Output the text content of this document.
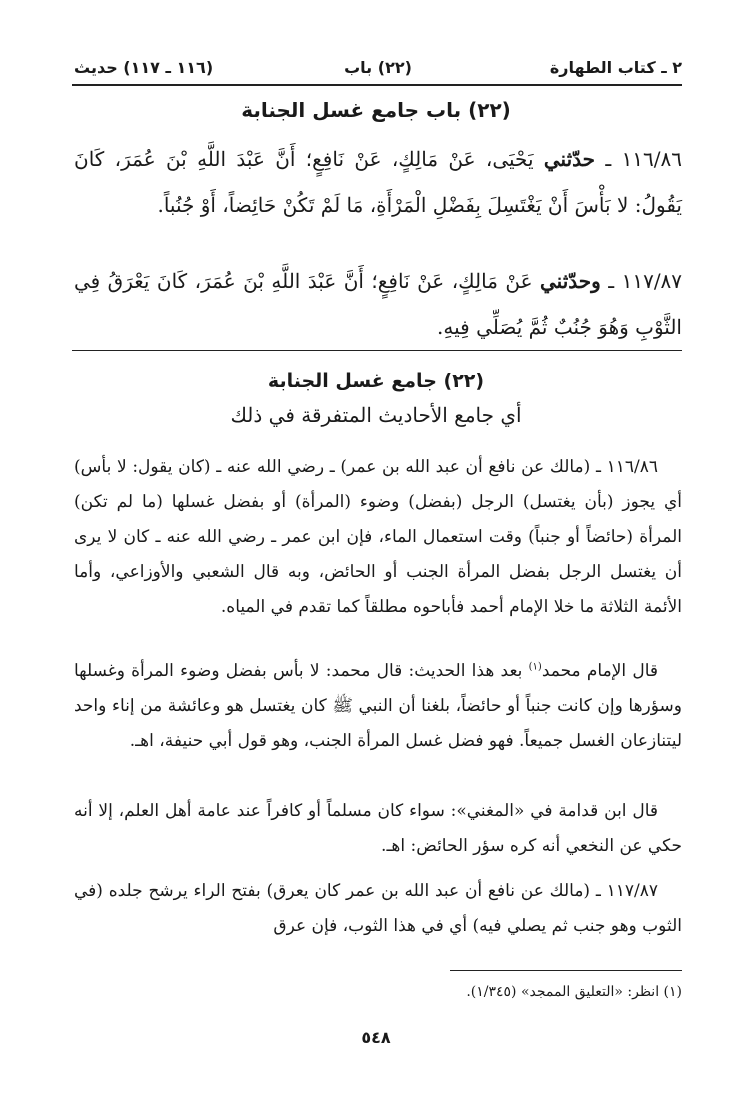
٢ ـ كتاب الطهارة
(٢٢) باب
(١١٦ ـ ١١٧) حديث
(٢٢) باب جامع غسل الجنابة
١١٦/٨٦ ـ حدّثني يَحْيَى، عَنْ مَالِكٍ، عَنْ نَافِعٍ؛ أَنَّ عَبْدَ اللَّهِ بْنَ عُمَرَ، كَانَ يَقُولُ: لا بَأْسَ أَنْ يَغْتَسِلَ بِفَضْلِ الْمَرْأَةِ، مَا لَمْ تَكُنْ حَائِضاً، أَوْ جُنُباً.
١١٧/٨٧ ـ وحدّثني عَنْ مَالِكٍ، عَنْ نَافِعٍ؛ أَنَّ عَبْدَ اللَّهِ بْنَ عُمَرَ، كَانَ يَعْرَقُ فِي الثَّوْبِ وَهُوَ جُنُبٌ ثُمَّ يُصَلِّي فِيهِ.
(٢٢) جامع غسل الجنابة
أي جامع الأحاديث المتفرقة في ذلك
١١٦/٨٦ ـ (مالك عن نافع أن عبد الله بن عمر) ـ رضي الله عنه ـ (كان يقول: لا بأس) أي يجوز (بأن يغتسل) الرجل (بفضل) وضوء (المرأة) أو بفضل غسلها (ما لم تكن) المرأة (حائضاً أو جنباً) وقت استعمال الماء، فإن ابن عمر ـ رضي الله عنه ـ كان لا يرى أن يغتسل الرجل بفضل المرأة الجنب أو الحائض، وبه قال الشعبي والأوزاعي، وأما الأئمة الثلاثة ما خلا الإمام أحمد فأباحوه مطلقاً كما تقدم في المياه.
قال الإمام محمد$^{(١)}$ بعد هذا الحديث: قال محمد: لا بأس بفضل وضوء المرأة وغسلها وسؤرها وإن كانت جنباً أو حائضاً، بلغنا أن النبي ﷺ كان يغتسل هو وعائشة من إناء واحد ليتنازعان الغسل جميعاً. فهو فضل غسل المرأة الجنب، وهو قول أبي حنيفة، اهـ.
قال ابن قدامة في «المغني»: سواء كان مسلماً أو كافراً عند عامة أهل العلم، إلا أنه حكي عن النخعي أنه كره سؤر الحائض: اهـ.
١١٧/٨٧ ـ (مالك عن نافع أن عبد الله بن عمر كان يعرق) بفتح الراء يرشح جلده (في الثوب وهو جنب ثم يصلي فيه) أي في هذا الثوب، فإن عرق
(١) انظر: «التعليق الممجد» (١/٣٤٥).
٥٤٨
